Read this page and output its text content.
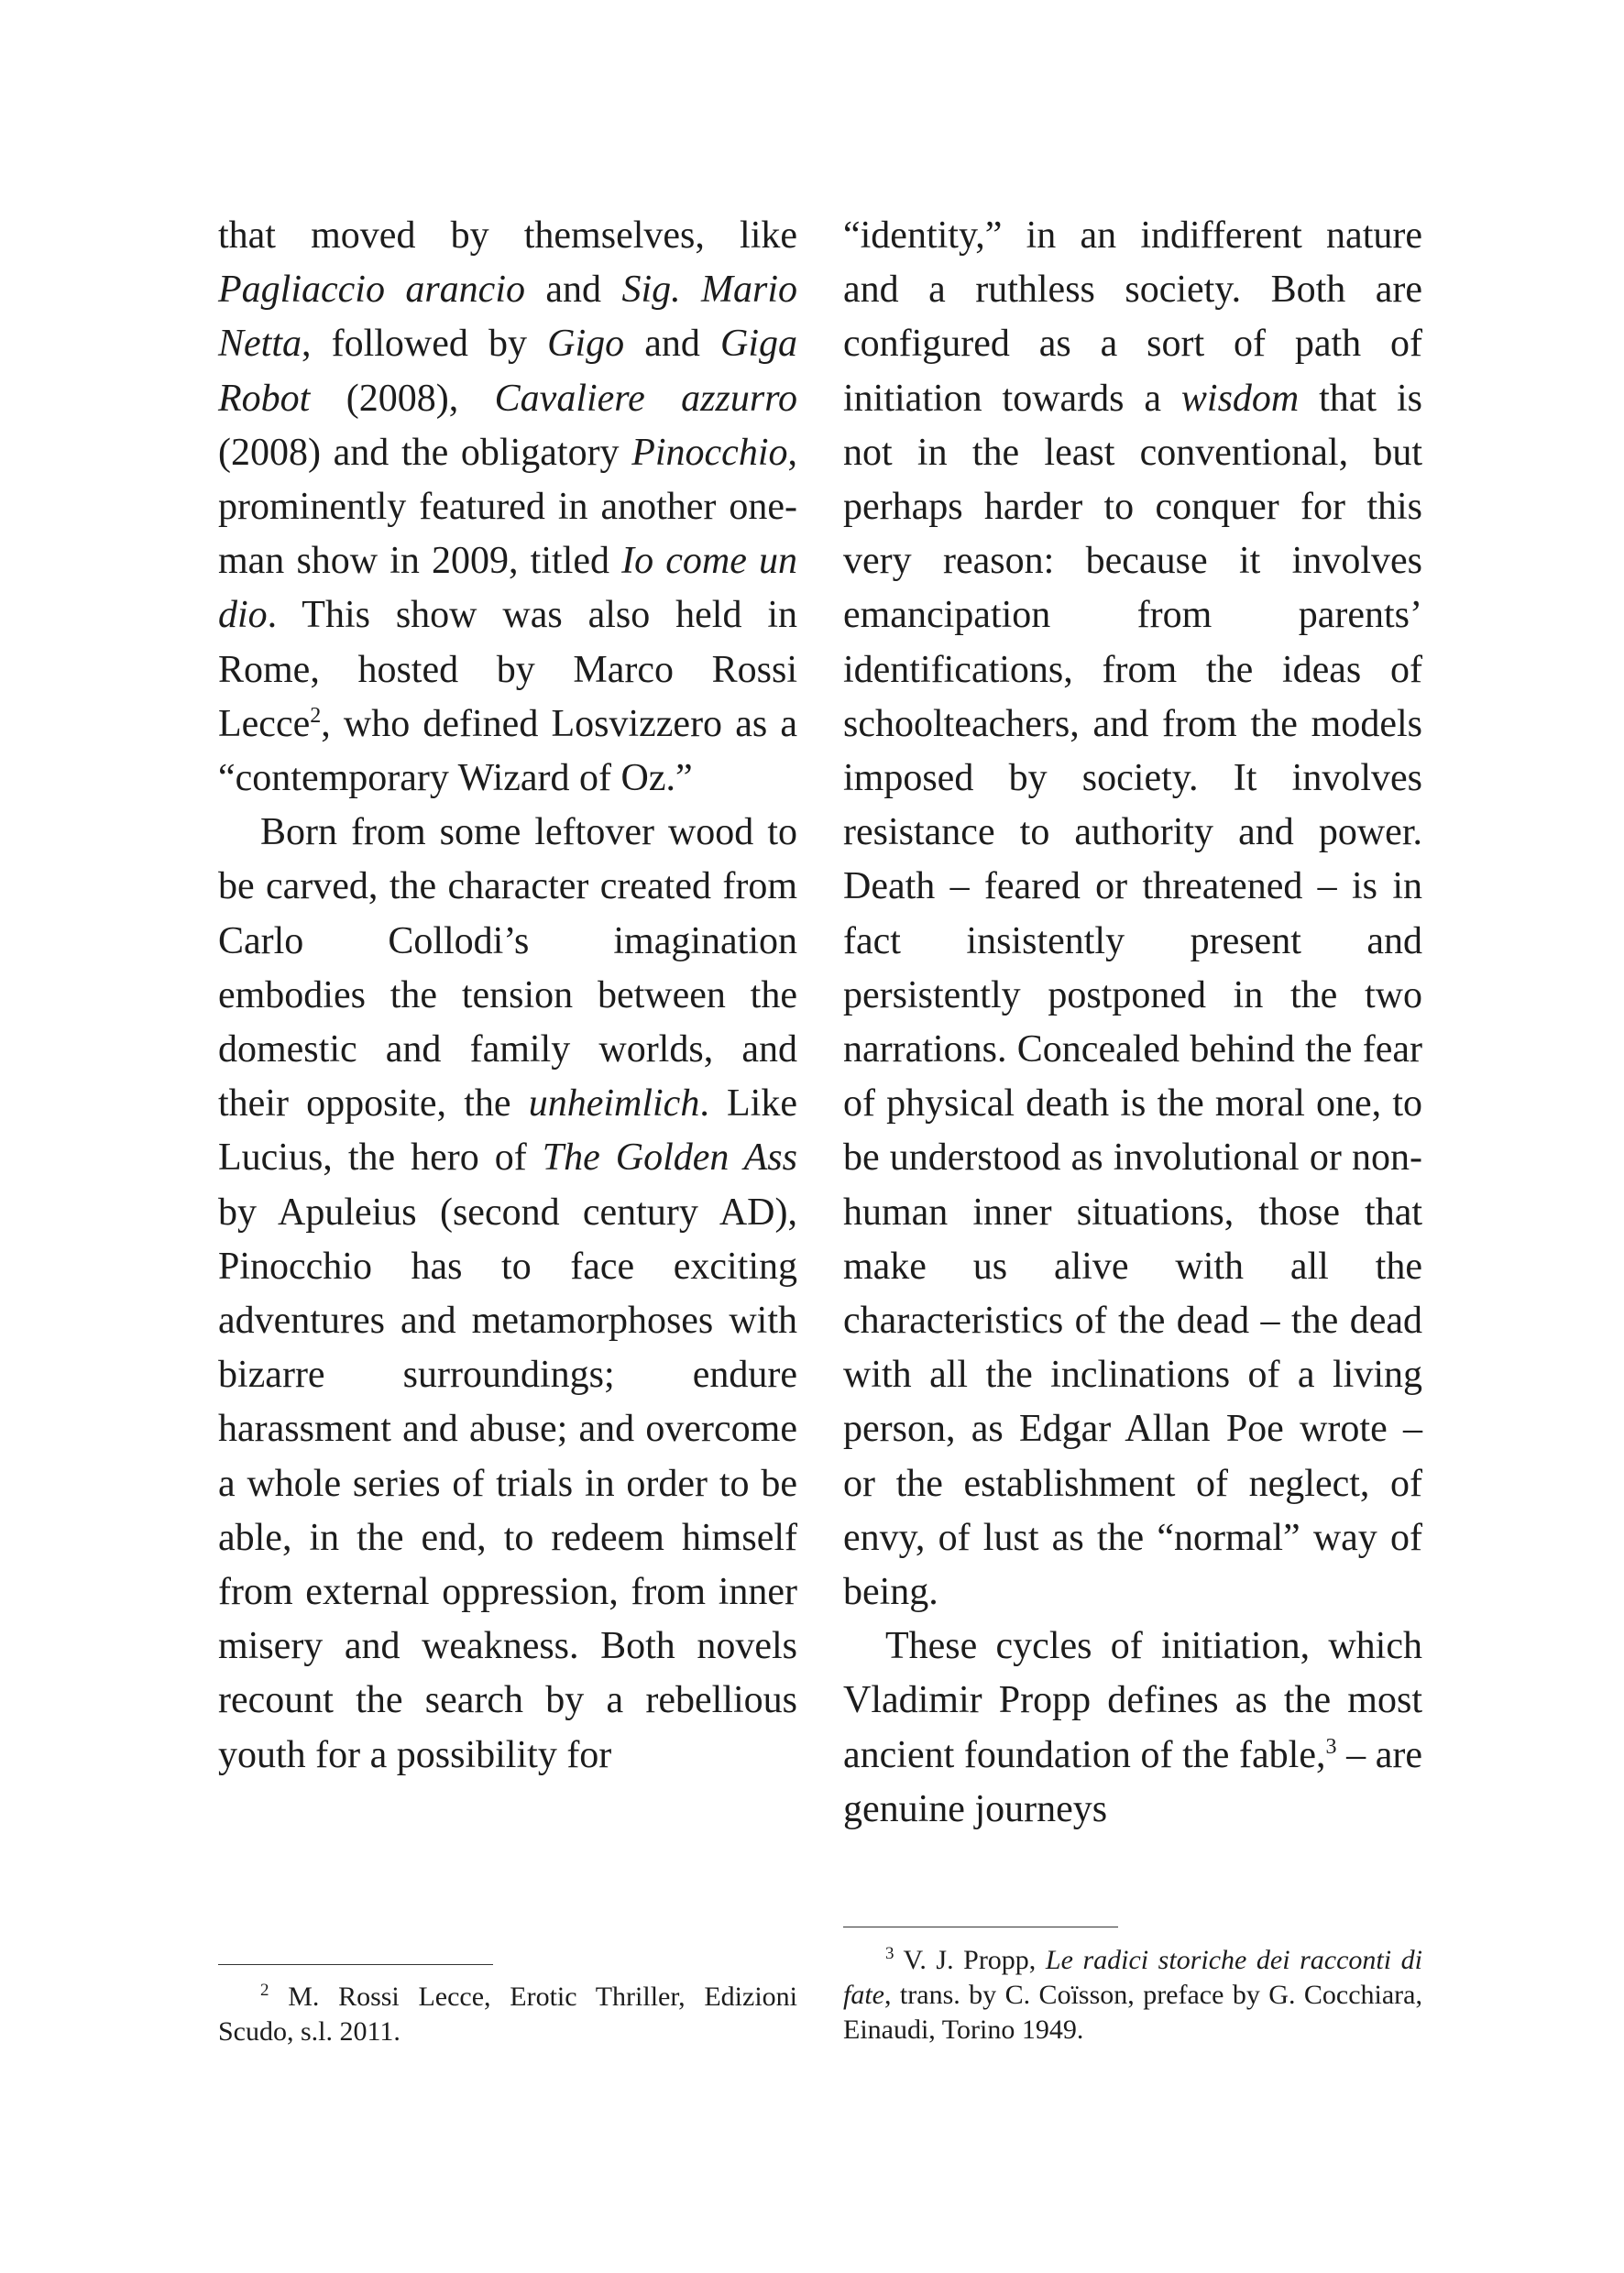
that moved by themselves, like Pagliaccio arancio and Sig. Mario Netta, followed by Gigo and Giga Robot (2008), Cavaliere azzurro (2008) and the obligatory Pinocchio, prominently featured in another one-man show in 2009, titled Io come un dio. This show was also held in Rome, hosted by Marco Rossi Lecce$^2$, who defined Losvizzero as a “contemporary Wizard of Oz.”

Born from some leftover wood to be carved, the character created from Carlo Collodi’s imagination embodies the tension between the domestic and family worlds, and their opposite, the unheimlich. Like Lucius, the hero of The Golden Ass by Apuleius (second century AD), Pinocchio has to face exciting adventures and metamorphoses with bizarre surroundings; endure harassment and abuse; and overcome a whole series of trials in order to be able, in the end, to redeem himself from external oppression, from inner misery and weakness. Both novels recount the search by a rebellious youth for a possibility for

“identity,” in an indifferent nature and a ruthless society. Both are configured as a sort of path of initiation towards a wisdom that is not in the least conventional, but perhaps harder to conquer for this very reason: because it involves emancipation from parents’ identifications, from the ideas of schoolteachers, and from the models imposed by society. It involves resistance to authority and power. Death – feared or threatened – is in fact insistently present and persistently postponed in the two narrations. Concealed behind the fear of physical death is the moral one, to be understood as involutional or non-human inner situations, those that make us alive with all the characteristics of the dead – the dead with all the inclinations of a living person, as Edgar Allan Poe wrote – or the establishment of neglect, of envy, of lust as the “normal” way of being.

These cycles of initiation, which Vladimir Propp defines as the most ancient foundation of the fable,$^3$ – are genuine journeys

$^2$ M. Rossi Lecce, Erotic Thriller, Edizioni Scudo, s.l. 2011.
$^3$ V. J. Propp, Le radici storiche dei racconti di fate, trans. by C. Coïsson, preface by G. Cocchiara, Einaudi, Torino 1949.
